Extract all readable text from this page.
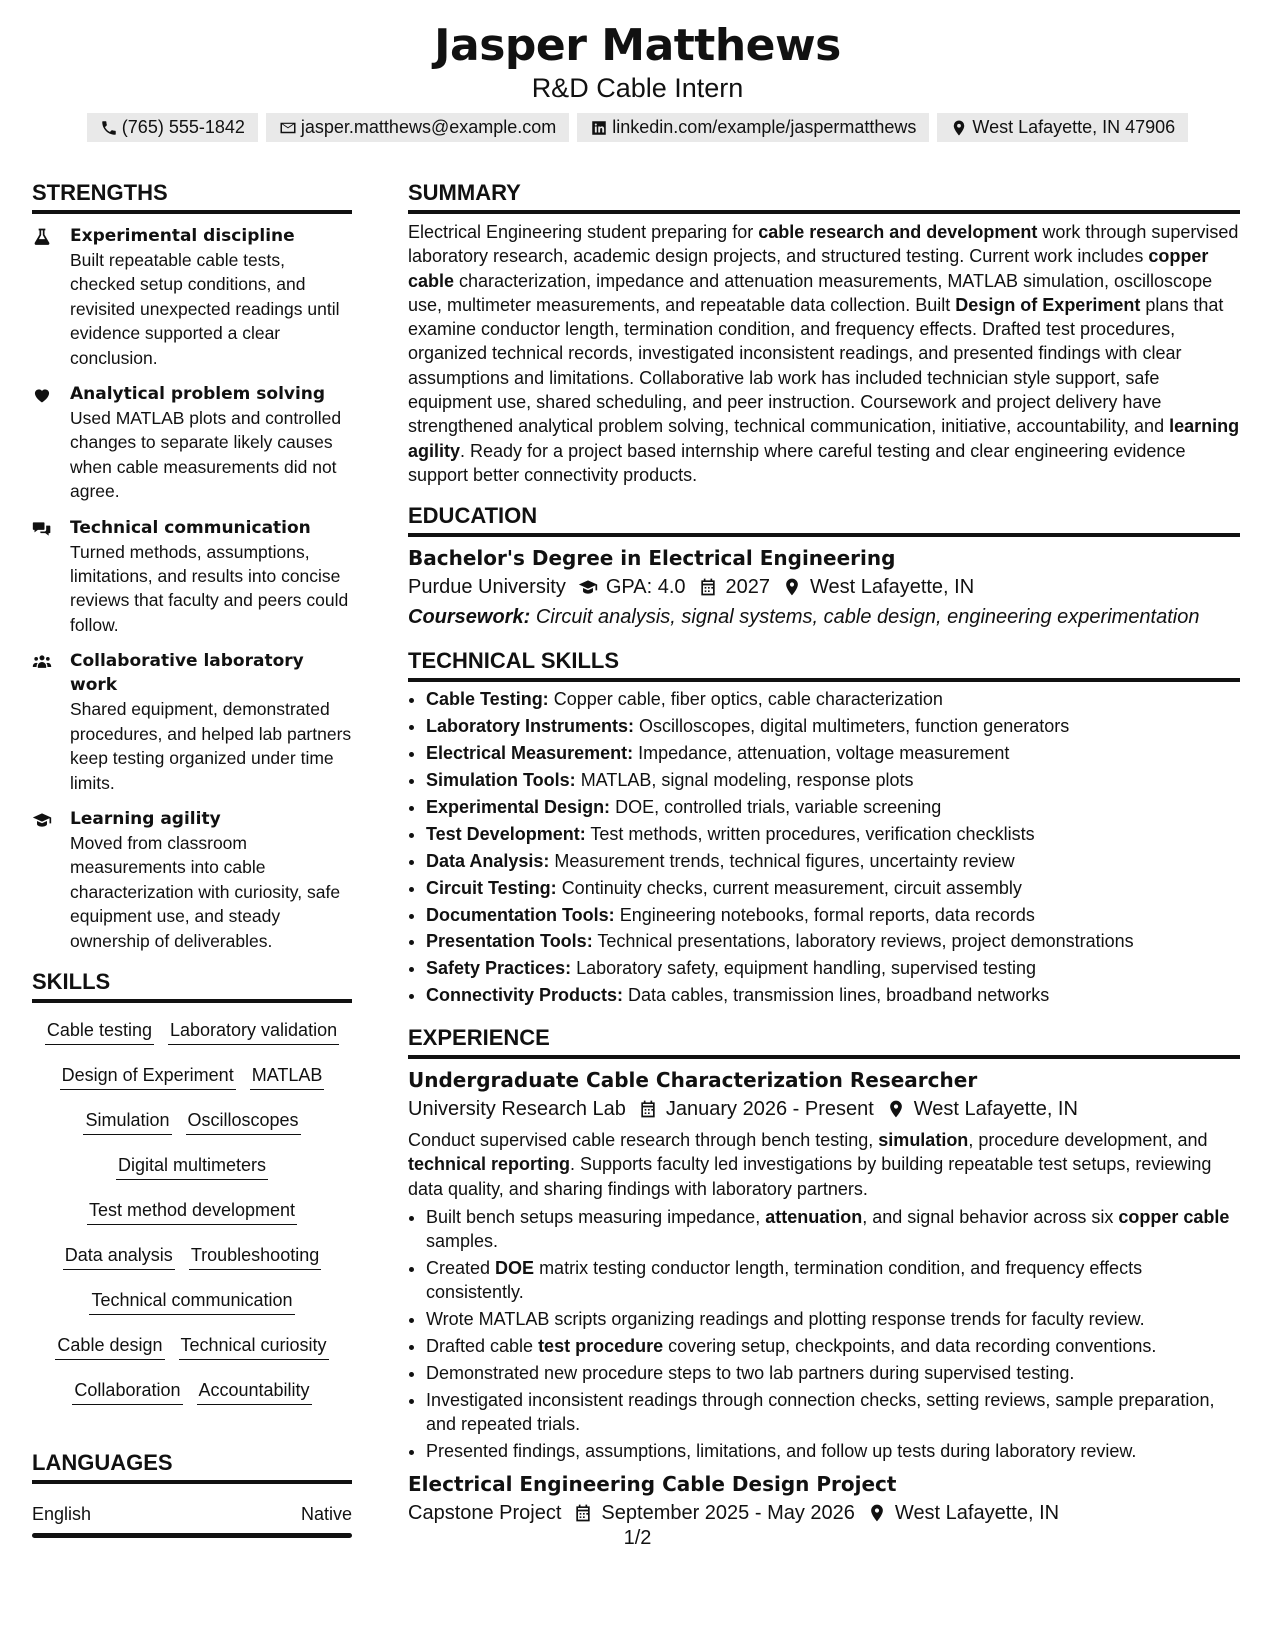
Jasper Matthews
R&D Cable Intern
(765) 555-1842	jasper.matthews@example.com	linkedin.com/example/jaspermatthews	West Lafayette, IN 47906
STRENGTHS
Experimental discipline
Built repeatable cable tests, checked setup conditions, and revisited unexpected readings until evidence supported a clear conclusion.
Analytical problem solving
Used MATLAB plots and controlled changes to separate likely causes when cable measurements did not agree.
Technical communication
Turned methods, assumptions, limitations, and results into concise reviews that faculty and peers could follow.
Collaborative laboratory work
Shared equipment, demonstrated procedures, and helped lab partners keep testing organized under time limits.
Learning agility
Moved from classroom measurements into cable characterization with curiosity, safe equipment use, and steady ownership of deliverables.
SKILLS
Cable testing Laboratory validation
Design of Experiment MATLAB
Simulation Oscilloscopes
Digital multimeters
Test method development
Data analysis Troubleshooting
Technical communication
Cable design Technical curiosity
Collaboration Accountability
LANGUAGES
English	Native
SUMMARY
Electrical Engineering student preparing for cable research and development work through supervised laboratory research, academic design projects, and structured testing. Current work includes copper cable characterization, impedance and attenuation measurements, MATLAB simulation, oscilloscope use, multimeter measurements, and repeatable data collection. Built Design of Experiment plans that examine conductor length, termination condition, and frequency effects. Drafted test procedures, organized technical records, investigated inconsistent readings, and presented findings with clear assumptions and limitations. Collaborative lab work has included technician style support, safe equipment use, shared scheduling, and peer instruction. Coursework and project delivery have strengthened analytical problem solving, technical communication, initiative, accountability, and learning agility. Ready for a project based internship where careful testing and clear engineering evidence support better connectivity products.
EDUCATION
Bachelor's Degree in Electrical Engineering
Purdue University GPA: 4.0 2027 West Lafayette, IN
Coursework: Circuit analysis, signal systems, cable design, engineering experimentation
TECHNICAL SKILLS
• Cable Testing: Copper cable, fiber optics, cable characterization
• Laboratory Instruments: Oscilloscopes, digital multimeters, function generators
• Electrical Measurement: Impedance, attenuation, voltage measurement
• Simulation Tools: MATLAB, signal modeling, response plots
• Experimental Design: DOE, controlled trials, variable screening
• Test Development: Test methods, written procedures, verification checklists
• Data Analysis: Measurement trends, technical figures, uncertainty review
• Circuit Testing: Continuity checks, current measurement, circuit assembly
• Documentation Tools: Engineering notebooks, formal reports, data records
• Presentation Tools: Technical presentations, laboratory reviews, project demonstrations
• Safety Practices: Laboratory safety, equipment handling, supervised testing
• Connectivity Products: Data cables, transmission lines, broadband networks
EXPERIENCE
Undergraduate Cable Characterization Researcher
University Research Lab January 2026 - Present West Lafayette, IN
Conduct supervised cable research through bench testing, simulation, procedure development, and technical reporting. Supports faculty led investigations by building repeatable test setups, reviewing data quality, and sharing findings with laboratory partners.
• Built bench setups measuring impedance, attenuation, and signal behavior across six copper cable samples.
• Created DOE matrix testing conductor length, termination condition, and frequency effects consistently.
• Wrote MATLAB scripts organizing readings and plotting response trends for faculty review.
• Drafted cable test procedure covering setup, checkpoints, and data recording conventions.
• Demonstrated new procedure steps to two lab partners during supervised testing.
• Investigated inconsistent readings through connection checks, setting reviews, sample preparation, and repeated trials.
• Presented findings, assumptions, limitations, and follow up tests during laboratory review.
Electrical Engineering Cable Design Project
Capstone Project September 2025 - May 2026 West Lafayette, IN
1/2
